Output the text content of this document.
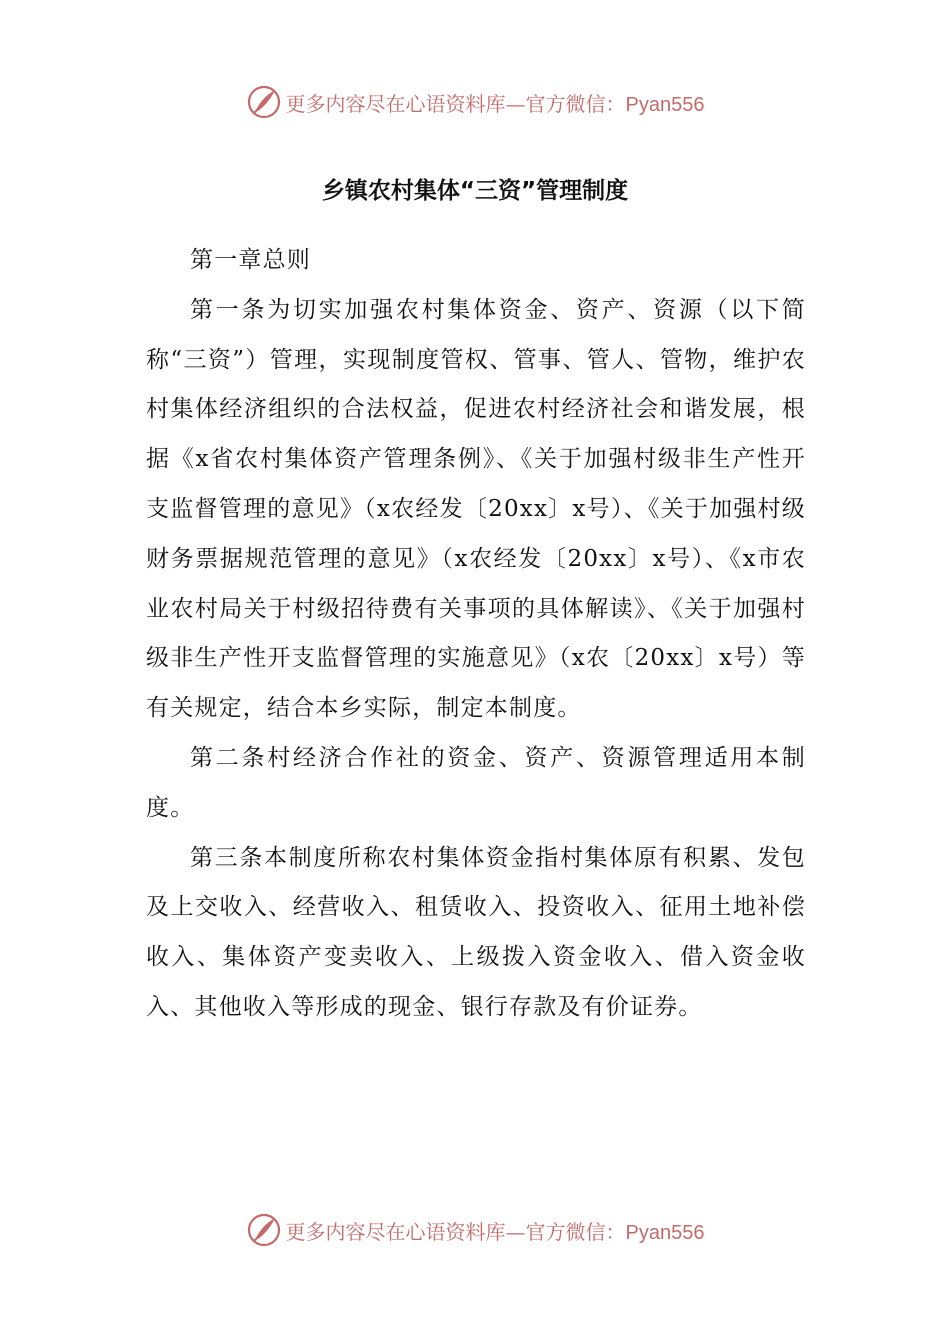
更多内容尽在心语资料库—官方微信：Pyan556
乡镇农村集体“三资”管理制度

第一章总则

第一条为切实加强农村集体资金、资产、资源（以下简称“三资”）管理，实现制度管权、管事、管人、管物，维护农村集体经济组织的合法权益，促进农村经济社会和谐发展，根据《x省农村集体资产管理条例》、《关于加强村级非生产性开支监督管理的意见》（x农经发〔20xx〕x号）、《关于加强村级财务票据规范管理的意见》（x农经发〔20xx〕x号）、《x市农业农村局关于村级招待费有关事项的具体解读》、《关于加强村级非生产性开支监督管理的实施意见》（x农〔20xx〕x号）等有关规定，结合本乡实际，制定本制度。

第二条村经济合作社的资金、资产、资源管理适用本制度。

第三条本制度所称农村集体资金指村集体原有积累、发包及上交收入、经营收入、租赁收入、投资收入、征用土地补偿收入、集体资产变卖收入、上级拨入资金收入、借入资金收入、其他收入等形成的现金、银行存款及有价证券。

更多内容尽在心语资料库—官方微信：Pyan556
